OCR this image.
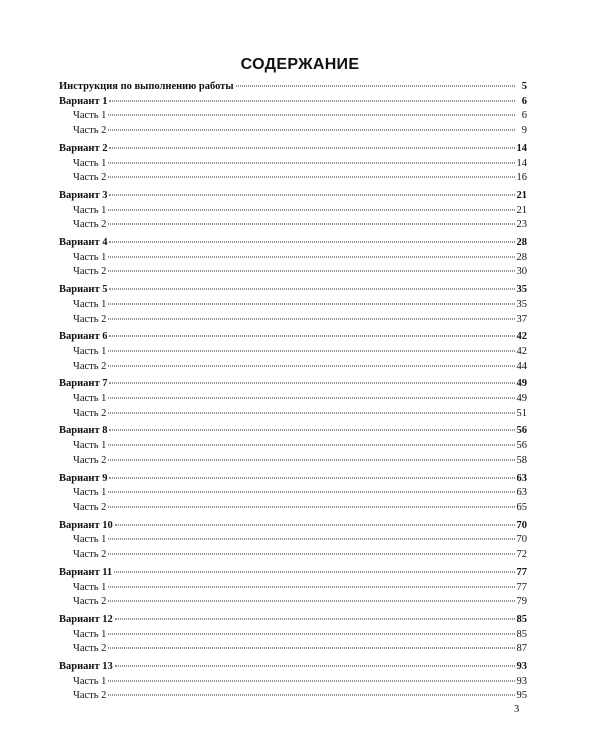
СОДЕРЖАНИЕ
Инструкция по выполнению работы	5
Вариант 1	6
Часть 1	6
Часть 2	9
Вариант 2	14
Часть 1	14
Часть 2	16
Вариант 3	21
Часть 1	21
Часть 2	23
Вариант 4	28
Часть 1	28
Часть 2	30
Вариант 5	35
Часть 1	35
Часть 2	37
Вариант 6	42
Часть 1	42
Часть 2	44
Вариант 7	49
Часть 1	49
Часть 2	51
Вариант 8	56
Часть 1	56
Часть 2	58
Вариант 9	63
Часть 1	63
Часть 2	65
Вариант 10	70
Часть 1	70
Часть 2	72
Вариант 11	77
Часть 1	77
Часть 2	79
Вариант 12	85
Часть 1	85
Часть 2	87
Вариант 13	93
Часть 1	93
Часть 2	95
3
